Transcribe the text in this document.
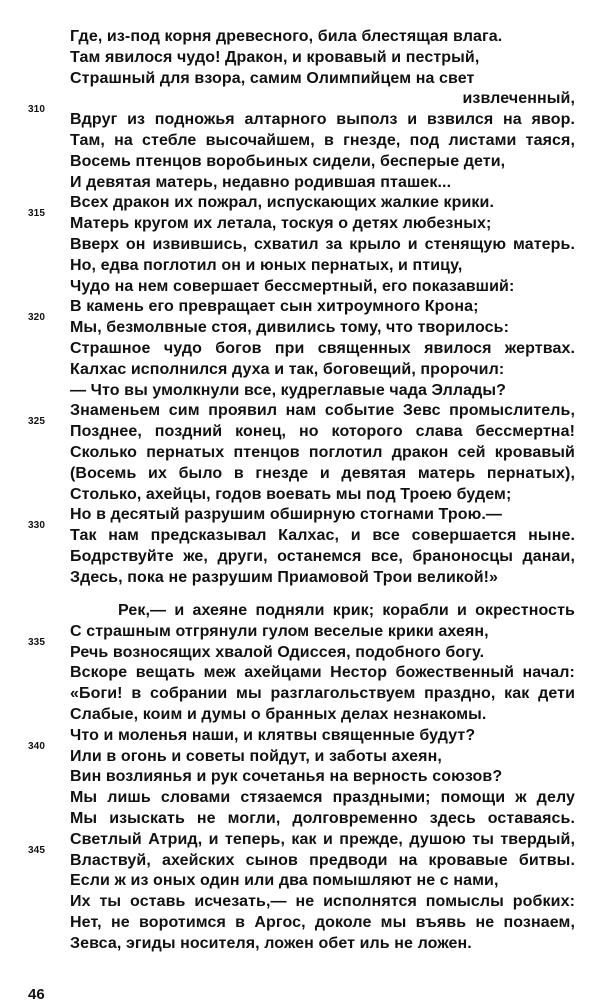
Где, из-под корня древесного, била блестящая влага.
Там явилося чудо! Дракон, и кровавый и пестрый,
Страшный для взора, самим Олимпийцем на свет
извлеченный,
310
Вдруг из подножья алтарного выполз и взвился на явор.
Там, на стебле высочайшем, в гнезде, под листами таяся,
Восемь птенцов воробьиных сидели, бесперые дети,
И девятая матерь, недавно родившая пташек...
Всех дракон их пожрал, испускающих жалкие крики.
315
Матерь кругом их летала, тоскуя о детях любезных;
Вверх он извившись, схватил за крыло и стенящую матерь.
Но, едва поглотил он и юных пернатых, и птицу,
Чудо на нем совершает бессмертный, его показавший:
В камень его превращает сын хитроумного Крона;
320
Мы, безмолвные стоя, дивились тому, что творилось:
Страшное чудо богов при священных явилося жертвах.
Калхас исполнился духа и так, боговещий, пророчил:
— Что вы умолкнули все, кудреглавые чада Эллады?
Знаменьем сим проявил нам событие Зевс промыслитель,
325
Позднее, поздний конец, но которого слава бессмертна!
Сколько пернатых птенцов поглотил дракон сей кровавый
(Восемь их было в гнезде и девятая матерь пернатых),
Столько, ахейцы, годов воевать мы под Троею будем;
Но в десятый разрушим обширную стогнами Трою.—
330
Так нам предсказывал Калхас, и все совершается ныне.
Бодрствуйте же, други, останемся все, браноносцы данаи,
Здесь, пока не разрушим Приамовой Трои великой!»
Рек,— и ахеяне подняли крик; корабли и окрестность
С страшным отгрянули гулом веселые крики ахеян,
335
Речь возносящих хвалой Одиссея, подобного богу.
Вскоре вещать меж ахейцами Нестор божественный начал:
«Боги! в собрании мы разглагольствуем праздно, как дети
Слабые, коим и думы о бранных делах незнакомы.
Что и моленья наши, и клятвы священные будут?
340
Или в огонь и советы пойдут, и заботы ахеян,
Вин возлиянья и рук сочетанья на верность союзов?
Мы лишь словами стязаемся праздными; помощи ж делу
Мы изыскать не могли, долговременно здесь оставаясь.
Светлый Атрид, и теперь, как и прежде, душою ты твердый,
345
Властвуй, ахейских сынов предводи на кровавые битвы.
Если ж из оных один или два помышляют не с нами,
Их ты оставь исчезать,— не исполнятся помыслы робких:
Нет, не воротимся в Аргос, доколе мы въявь не познаем,
Зевса, эгиды носителя, ложен обет иль не ложен.
46
